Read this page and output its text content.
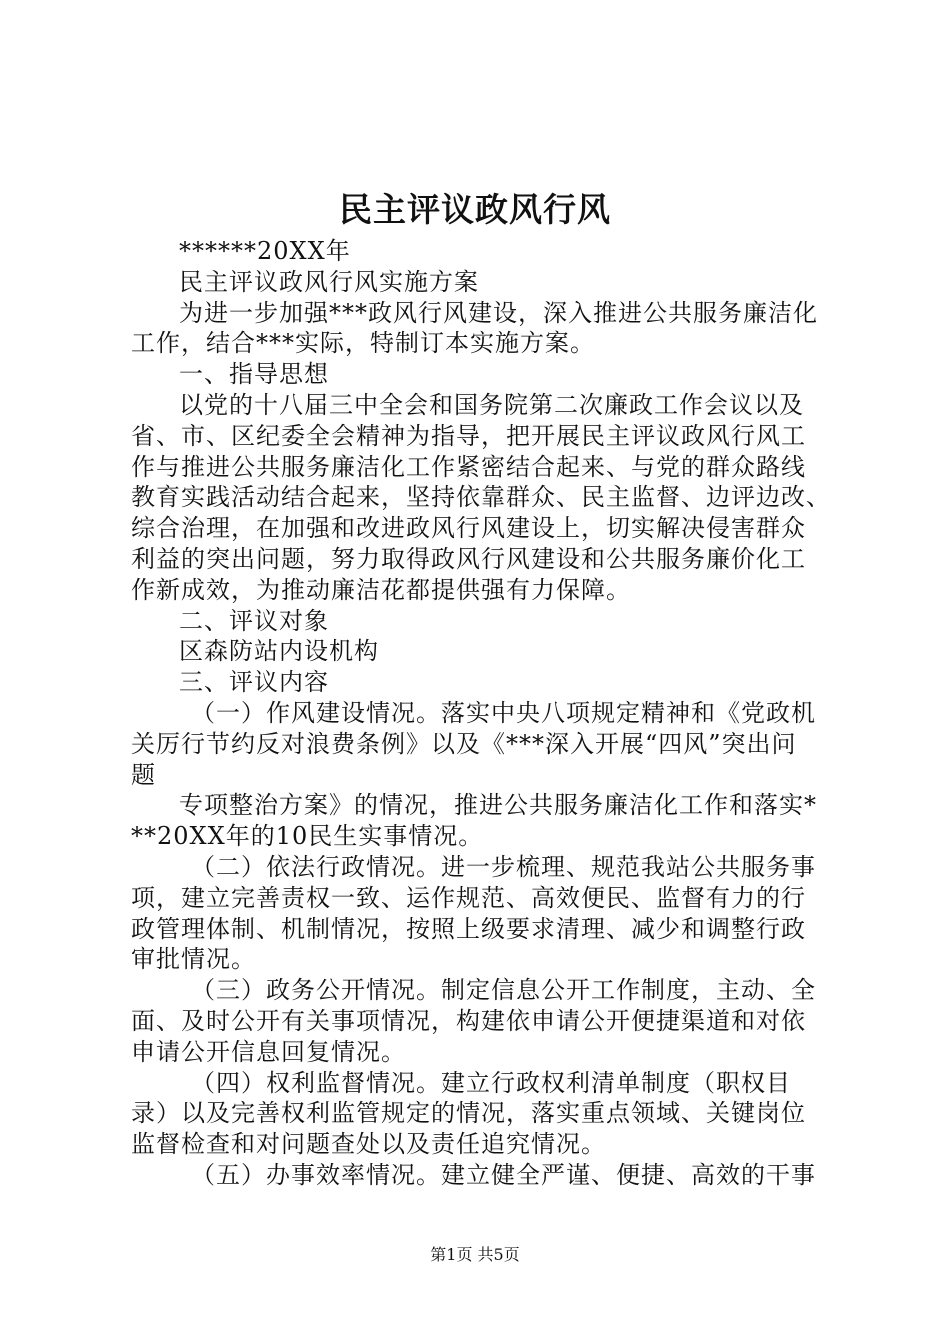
民主评议政风行风
******20XX年
民主评议政风行风实施方案
为进一步加强***政风行风建设，深入推进公共服务廉洁化
工作，结合***实际，特制订本实施方案。
一、指导思想
以党的十八届三中全会和国务院第二次廉政工作会议以及
省、市、区纪委全会精神为指导，把开展民主评议政风行风工
作与推进公共服务廉洁化工作紧密结合起来、与党的群众路线
教育实践活动结合起来，坚持依靠群众、民主监督、边评边改、
综合治理，在加强和改进政风行风建设上，切实解决侵害群众
利益的突出问题，努力取得政风行风建设和公共服务廉价化工
作新成效，为推动廉洁花都提供强有力保障。
二、评议对象
区森防站内设机构
三、评议内容
（一）作风建设情况。落实中央八项规定精神和《党政机
关厉行节约反对浪费条例》以及《***深入开展“四风”突出问
题
专项整治方案》的情况，推进公共服务廉洁化工作和落实*
**20XX年的10民生实事情况。
（二）依法行政情况。进一步梳理、规范我站公共服务事
项，建立完善责权一致、运作规范、高效便民、监督有力的行
政管理体制、机制情况，按照上级要求清理、减少和调整行政
审批情况。
（三）政务公开情况。制定信息公开工作制度，主动、全
面、及时公开有关事项情况，构建依申请公开便捷渠道和对依
申请公开信息回复情况。
（四）权利监督情况。建立行政权利清单制度（职权目
录）以及完善权利监管规定的情况，落实重点领域、关键岗位
监督检查和对问题查处以及责任追究情况。
（五）办事效率情况。建立健全严谨、便捷、高效的干事
第1页 共5页
